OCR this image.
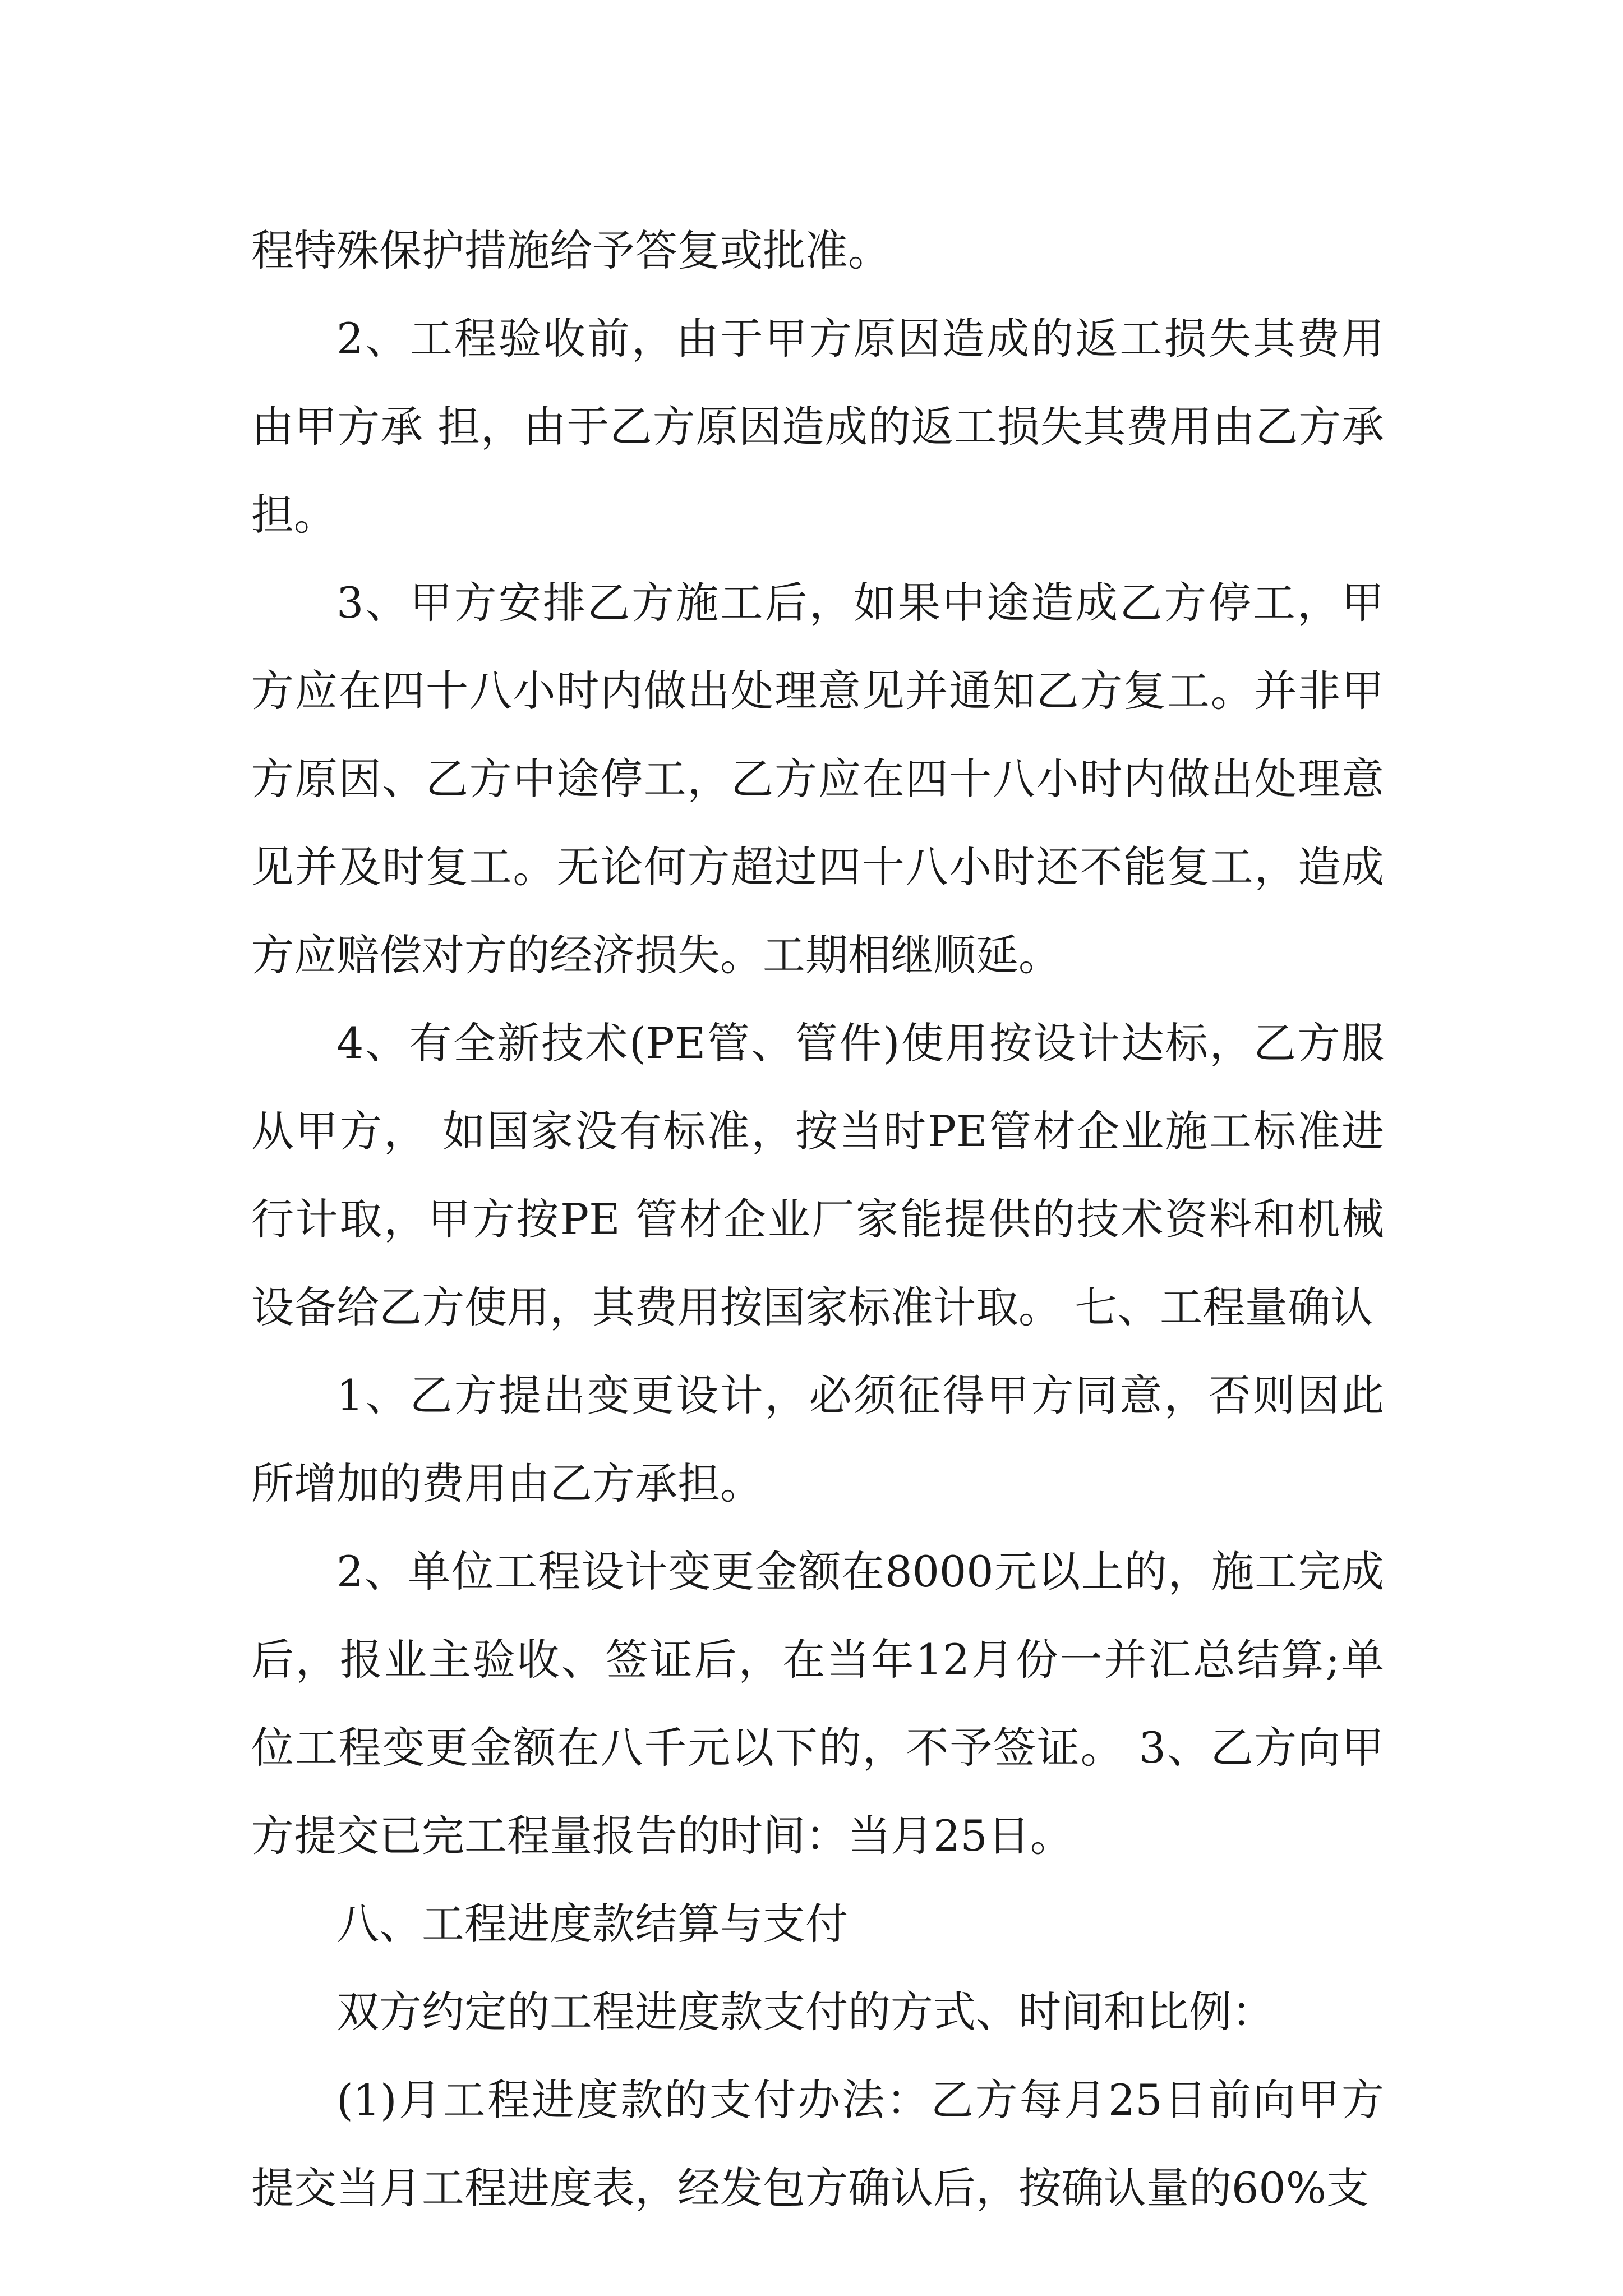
程特殊保护措施给予答复或批准。

2、工程验收前，由于甲方原因造成的返工损失其费用由甲方承 担，由于乙方原因造成的返工损失其费用由乙方承担。

3、甲方安排乙方施工后，如果中途造成乙方停工，甲方应在四十八小时内做出处理意见并通知乙方复工。并非甲方原因、乙方中途停工，乙方应在四十八小时内做出处理意见并及时复工。无论何方超过四十八小时还不能复工，造成方应赔偿对方的经济损失。工期相继顺延。

4、有全新技术(PE管、管件)使用按设计达标，乙方服从甲方， 如国家没有标准，按当时PE管材企业施工标准进行计取，甲方按PE 管材企业厂家能提供的技术资料和机械设备给乙方使用，其费用按国家标准计取。 七、工程量确认

1、乙方提出变更设计，必须征得甲方同意，否则因此所增加的费用由乙方承担。

2、单位工程设计变更金额在8000元以上的，施工完成后，报业主验收、签证后，在当年12月份一并汇总结算;单位工程变更金额在八千元以下的，不予签证。 3、乙方向甲方提交已完工程量报告的时间：当月25日。

八、工程进度款结算与支付

双方约定的工程进度款支付的方式、时间和比例：

(1)月工程进度款的支付办法：乙方每月25日前向甲方提交当月工程进度表，经发包方确认后，按确认量的60%支
